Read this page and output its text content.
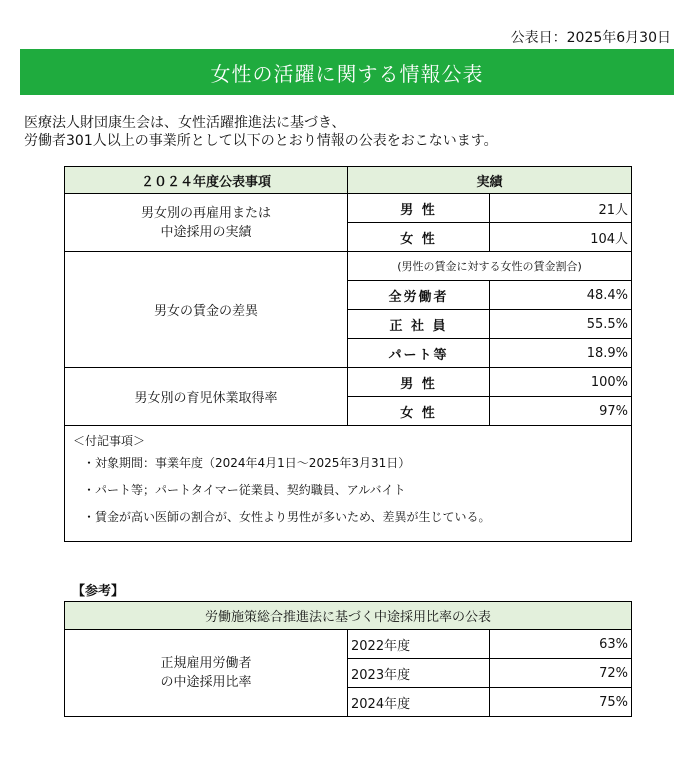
公表日：2025年6月30日
女性の活躍に関する情報公表
医療法人財団康生会は、女性活躍推進法に基づき、
労働者301人以上の事業所として以下のとおり情報の公表をおこないます。
２０２４年度公表事項	実績	

男女別の再雇用または
中途採用の実績	男 性	21人
	女 性	104人
男女の賃金の差異	(男性の賃金に対する女性の賃金割合)	
	全労働者	48.4%
	正 社 員	55.5%
	パート等	18.9%
男女別の育児休業取得率	男 性	100%
	女 性	97%

＜付記事項＞
・対象期間：事業年度（2024年4月1日～2025年3月31日）
・パート等；パートタイマー従業員、契約職員、アルバイト
・賃金が高い医師の割合が、女性より男性が多いため、差異が生じている。		
【参考】
労働施策総合推進法に基づく中途採用比率の公表		

正規雇用労働者
の中途採用比率	2022年度	63%
	2023年度	72%
	2024年度	75%
